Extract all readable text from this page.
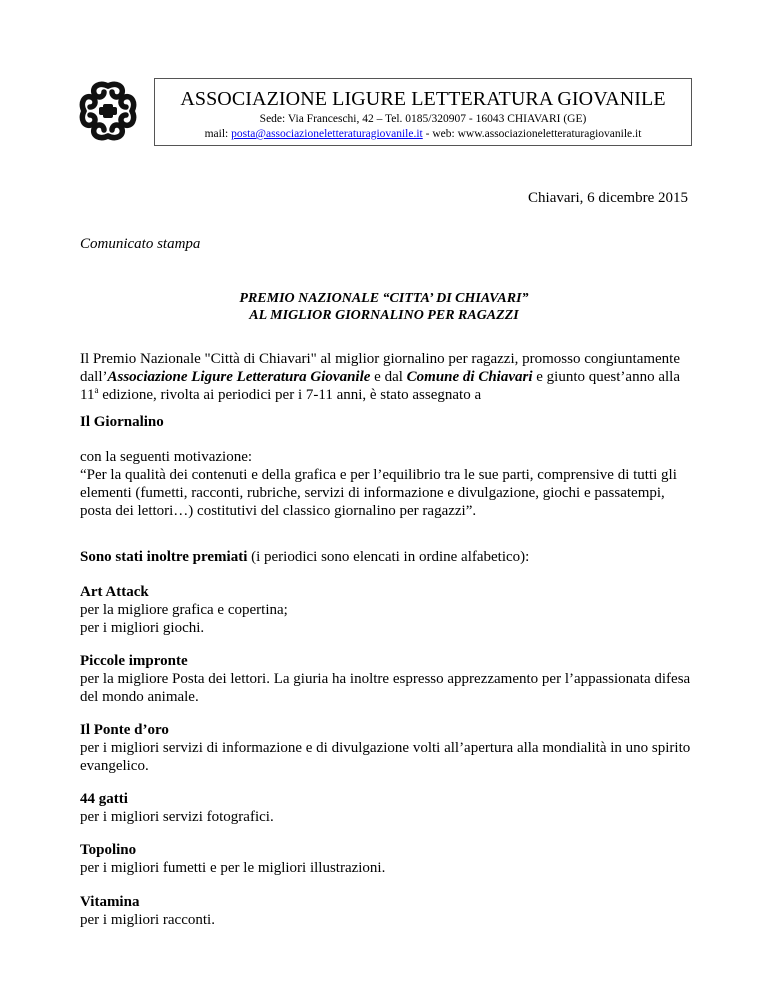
ASSOCIAZIONE LIGURE LETTERATURA GIOVANILE
Sede: Via Franceschi, 42 – Tel. 0185/320907 - 16043 CHIAVARI (GE)
mail: posta@associazioneletteraturagiovanile.it - web: www.associazioneletteraturagiovanile.it
Chiavari, 6 dicembre 2015
Comunicato stampa
PREMIO NAZIONALE “CITTA’ DI CHIAVARI”
AL MIGLIOR GIORNALINO PER RAGAZZI
Il Premio Nazionale "Città di Chiavari" al miglior giornalino per ragazzi, promosso congiuntamente dall’Associazione Ligure Letteratura Giovanile e dal Comune di Chiavari e giunto quest’anno alla 11$^a$ edizione, rivolta ai periodici per i 7-11 anni, è stato assegnato a
Il Giornalino
con la seguenti motivazione:
“Per la qualità dei contenuti e della grafica e per l’equilibrio tra le sue parti, comprensive di tutti gli elementi (fumetti, racconti, rubriche, servizi di informazione e divulgazione, giochi e passatempi, posta dei lettori…) costitutivi del classico giornalino per ragazzi”.
Sono stati inoltre premiati (i periodici sono elencati in ordine alfabetico):
Art Attack
per la migliore grafica e copertina;
per i migliori giochi.
Piccole impronte
per la migliore Posta dei lettori. La giuria ha inoltre espresso apprezzamento per l’appassionata difesa del mondo animale.
Il Ponte d’oro
per i migliori servizi di informazione e di divulgazione volti all’apertura alla mondialità in uno spirito evangelico.
44 gatti
per i migliori servizi fotografici.
Topolino
per i migliori fumetti e per le migliori illustrazioni.
Vitamina
per i migliori racconti.
